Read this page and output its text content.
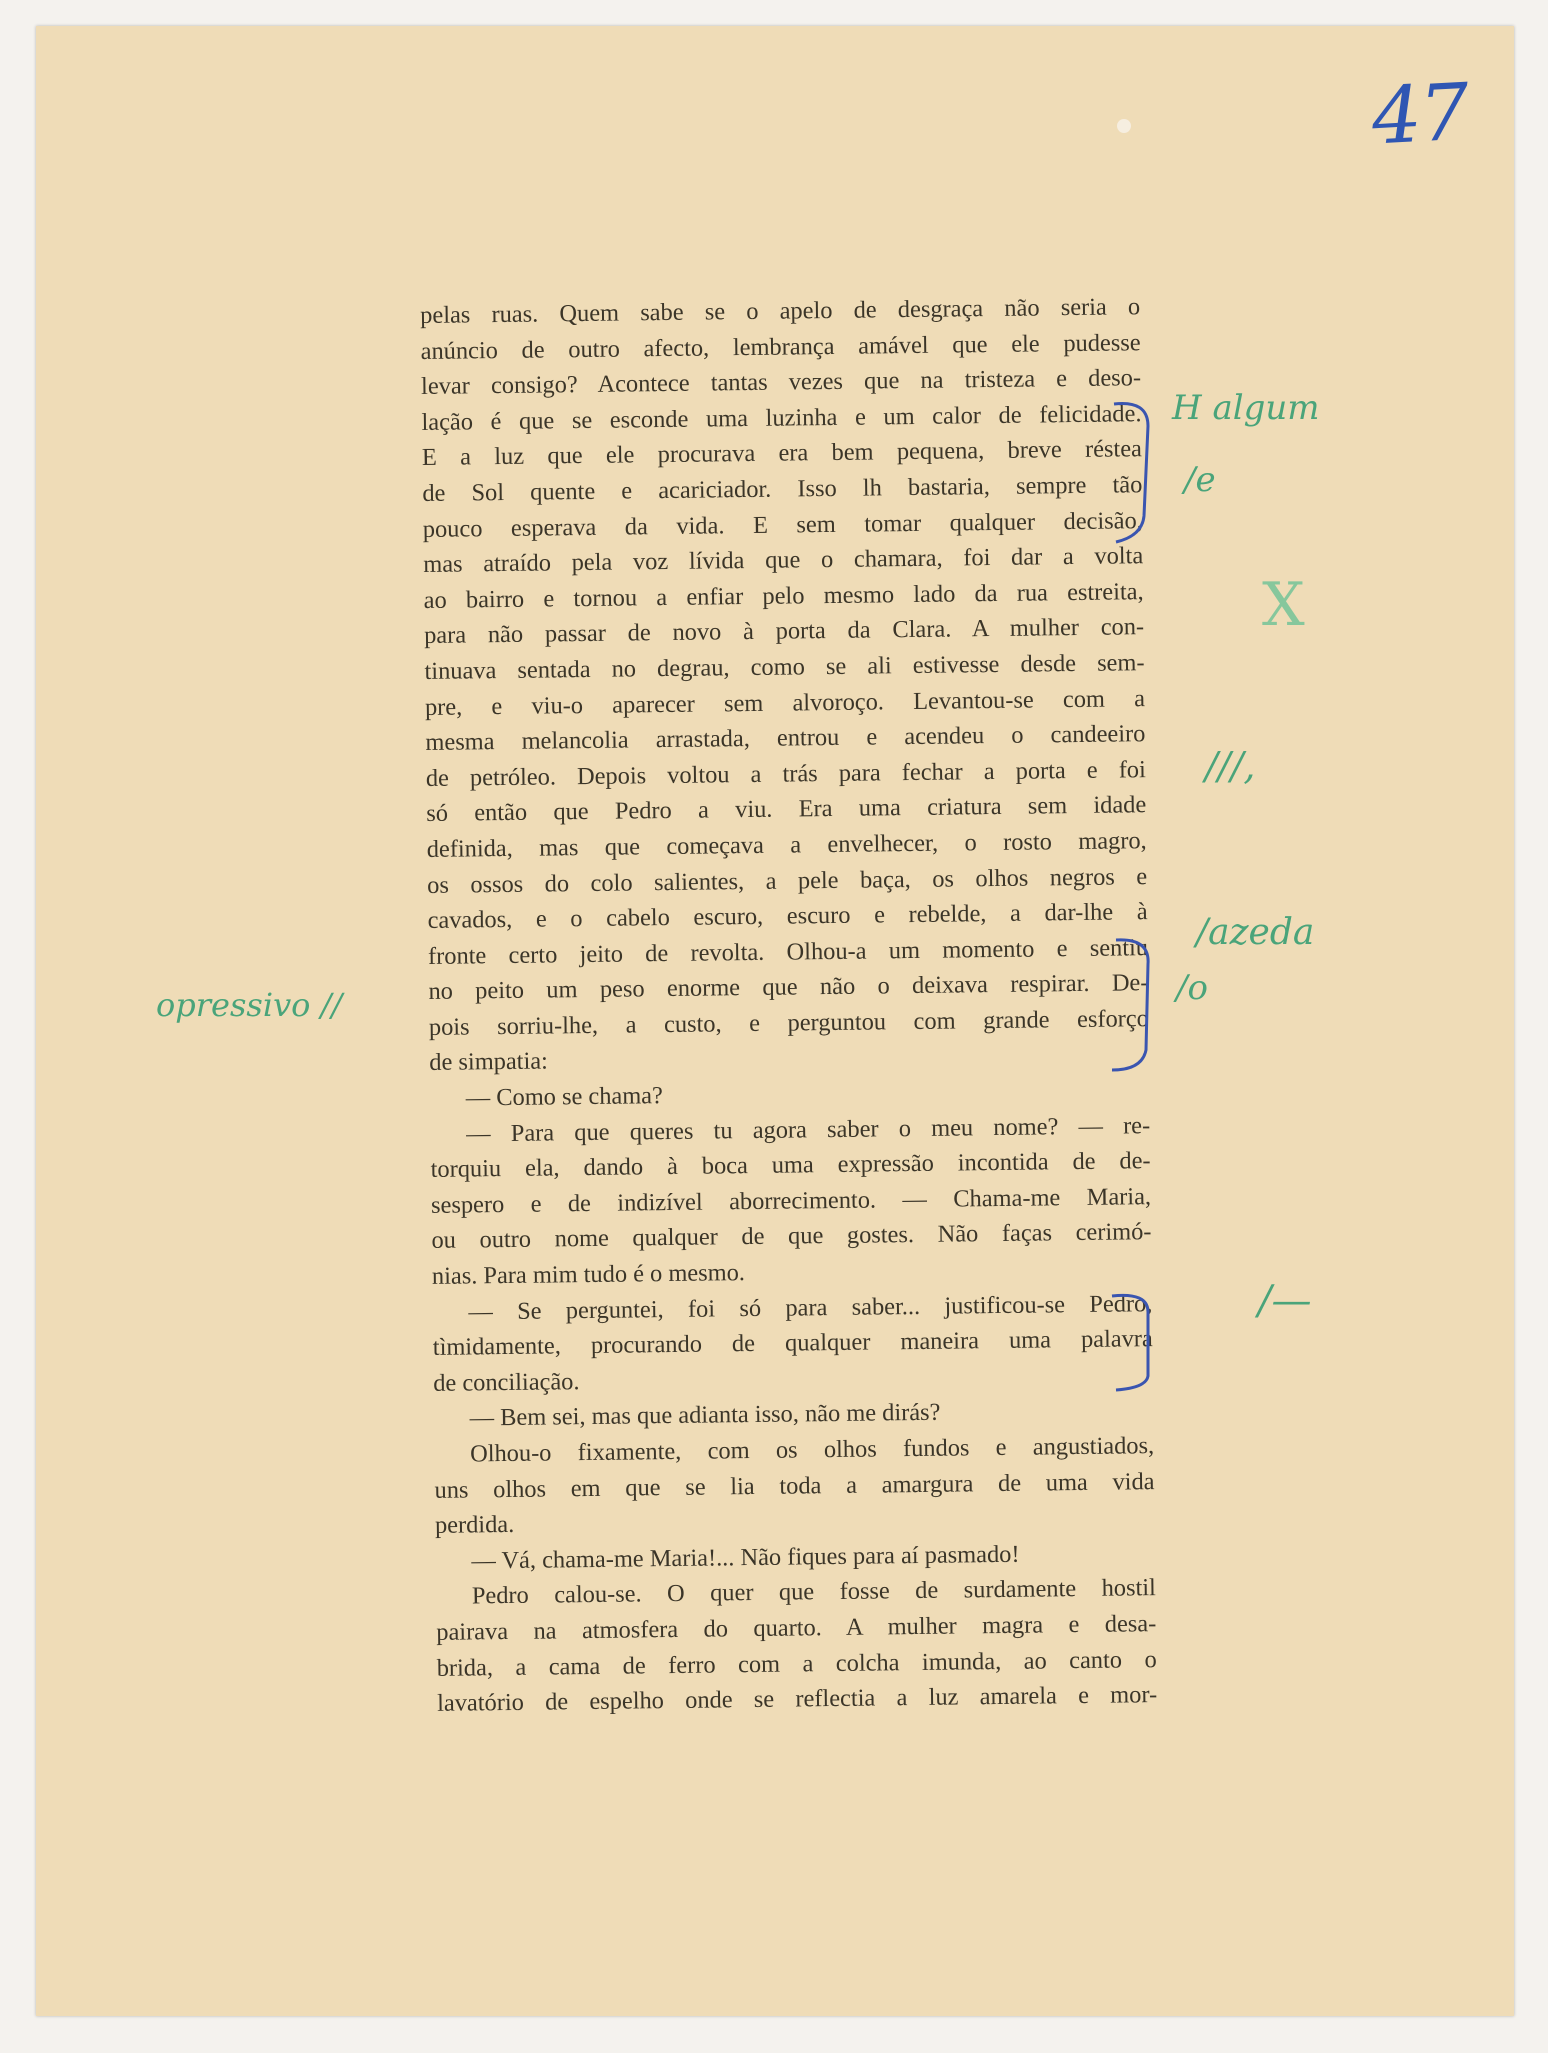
47
pelas ruas. Quem sabe se o apelo de desgraça não seria o
anúncio de outro afecto, lembrança amável que ele pudesse
levar consigo? Acontece tantas vezes que na tristeza e deso-
lação é que se esconde uma luzinha e um calor de felicidade.
E a luz que ele procurava era bem pequena, breve réstea
de Sol quente e acariciador. Isso lh bastaria, sempre tão
pouco esperava da vida. E sem tomar qualquer decisão,
mas atraído pela voz lívida que o chamara, foi dar a volta
ao bairro e tornou a enfiar pelo mesmo lado da rua estreita,
para não passar de novo à porta da Clara. A mulher con-
tinuava sentada no degrau, como se ali estivesse desde sem-
pre, e viu-o aparecer sem alvoroço. Levantou-se com a
mesma melancolia arrastada, entrou e acendeu o candeeiro
de petróleo. Depois voltou a trás para fechar a porta e foi
só então que Pedro a viu. Era uma criatura sem idade
definida, mas que começava a envelhecer, o rosto magro,
os ossos do colo salientes, a pele baça, os olhos negros e
cavados, e o cabelo escuro, escuro e rebelde, a dar-lhe à
fronte certo jeito de revolta. Olhou-a um momento e sentiu
no peito um peso enorme que não o deixava respirar. De-
pois sorriu-lhe, a custo, e perguntou com grande esforço
de simpatia:
— Como se chama?
— Para que queres tu agora saber o meu nome? — re-
torquiu ela, dando à boca uma expressão incontida de de-
sespero e de indizível aborrecimento. — Chama-me Maria,
ou outro nome qualquer de que gostes. Não faças cerimó-
nias. Para mim tudo é o mesmo.
— Se perguntei, foi só para saber... justificou-se Pedro,
tìmidamente, procurando de qualquer maneira uma palavra
de conciliação.
— Bem sei, mas que adianta isso, não me dirás?
Olhou-o fixamente, com os olhos fundos e angustiados,
uns olhos em que se lia toda a amargura de uma vida
perdida.
— Vá, chama-me Maria!... Não fiques para aí pasmado!
Pedro calou-se. O quer que fosse de surdamente hostil
pairava na atmosfera do quarto. A mulher magra e desa-
brida, a cama de ferro com a colcha imunda, ao canto o
lavatório de espelho onde se reflectia a luz amarela e mor-
H algum
/e
X
///,
/azeda
/o
opressivo //
/—
